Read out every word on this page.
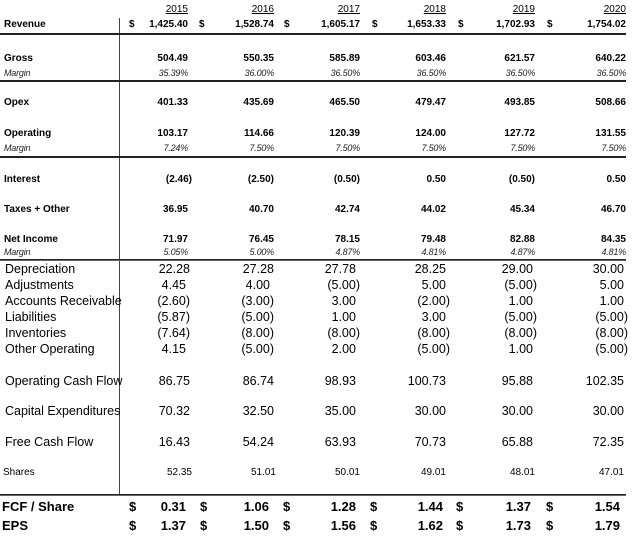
2015	2016	2017	2018	2019	2020
Revenue	$ 1,425.40 $	1,528.74 $	1,605.17 $	1,653.33 $	1,702.93 $	1,754.02
Gross	504.49	550.35	585.89	603.46	621.57	640.22
Margin	35.39%	36.00%	36.50%	36.50%	36.50%	36.50%
Opex	401.33	435.69	465.50	479.47	493.85	508.66
Operating	103.17	114.66	120.39	124.00	127.72	131.55
Margin	7.24%	7.50%	7.50%	7.50%	7.50%	7.50%
Interest	(2.46)	(2.50)	(0.50)	0.50	(0.50)	0.50
Taxes + Other	36.95	40.70	42.74	44.02	45.34	46.70
Net Income	71.97	76.45	78.15	79.48	82.88	84.35
Margin	5.05%	5.00%	4.87%	4.81%	4.87%	4.81%
Depreciation	22.28	27.28	27.78	28.25	29.00	30.00
Adjustments	4.45	4.00	(5.00)	5.00	(5.00)	5.00
Accounts Receivable	(2.60)	(3.00)	3.00	(2.00)	1.00	1.00
Liabilities	(5.87)	(5.00)	1.00	3.00	(5.00)	(5.00)
Inventories	(7.64)	(8.00)	(8.00)	(8.00)	(8.00)	(8.00)
Other Operating	4.15	(5.00)	2.00	(5.00)	1.00	(5.00)
Operating Cash Flow	86.75	86.74	98.93	100.73	95.88	102.35
Capital Expenditures	70.32	32.50	35.00	30.00	30.00	30.00
Free Cash Flow	16.43	54.24	63.93	70.73	65.88	72.35
Shares	52.35	51.01	50.01	49.01	48.01	47.01
FCF / Share	$ 0.31 $	1.06 $	1.28 $	1.44 $	1.37 $	1.54
EPS	$ 1.37 $	1.50 $	1.56 $	1.62 $	1.73 $	1.79
